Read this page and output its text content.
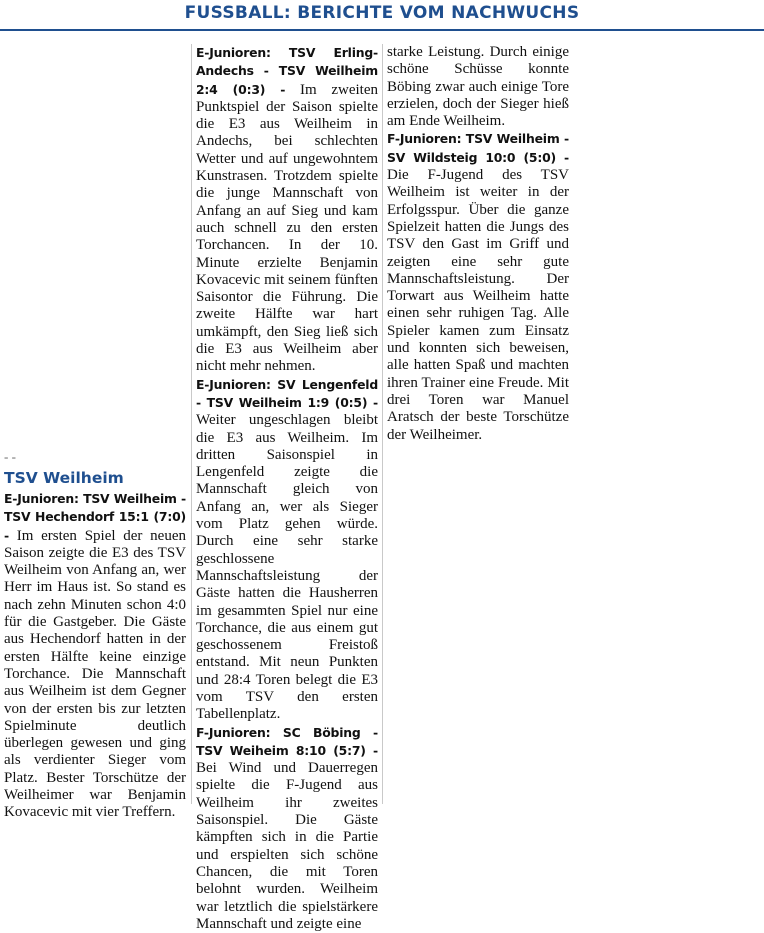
FUSSBALL: BERICHTE VOM NACHWUCHS
- -
TSV Weilheim

E-Junioren: TSV Weilheim - TSV Hechendorf 15:1 (7:0) - Im ersten Spiel der neuen Saison zeigte die E3 des TSV Weilheim von Anfang an, wer Herr im Haus ist. So stand es nach zehn Minuten schon 4:0 für die Gastgeber. Die Gäste aus Hechendorf hatten in der ersten Hälfte keine einzige Torchance. Die Mannschaft aus Weilheim ist dem Gegner von der ersten bis zur letzten Spielminute deutlich überlegen gewesen und ging als verdienter Sieger vom Platz. Bester Torschütze der Weilheimer war Benjamin Kovacevic mit vier Treffern.

E-Junioren: TSV Erling-Andechs - TSV Weilheim 2:4 (0:3) - Im zweiten Punktspiel der Saison spielte die E3 aus Weilheim in Andechs, bei schlechten Wetter und auf ungewohntem Kunstrasen. Trotzdem spielte die junge Mannschaft von Anfang an auf Sieg und kam auch schnell zu den ersten Torchancen. In der 10. Minute erzielte Benjamin Kovacevic mit seinem fünften Saisontor die Führung. Die zweite Hälfte war hart umkämpft, den Sieg ließ sich die E3 aus Weilheim aber nicht mehr nehmen.

E-Junioren: SV Lengenfeld - TSV Weilheim 1:9 (0:5) - Weiter ungeschlagen bleibt die E3 aus Weilheim. Im dritten Saisonspiel in Lengenfeld zeigte die Mannschaft gleich von Anfang an, wer als Sieger vom Platz gehen würde. Durch eine sehr starke geschlossene Mannschaftsleistung der Gäste hatten die Hausherren im gesammten Spiel nur eine Torchance, die aus einem gut geschossenem Freistoß entstand. Mit neun Punkten und 28:4 Toren belegt die E3 vom TSV den ersten Tabellenplatz.

F-Junioren: SC Böbing - TSV Weiheim 8:10 (5:7) - Bei Wind und Dauerregen spielte die F-Jugend aus Weilheim ihr zweites Saisonspiel. Die Gäste kämpften sich in die Partie und erspielten sich schöne Chancen, die mit Toren belohnt wurden. Weilheim war letztlich die spielstärkere Mannschaft und zeigte eine

starke Leistung. Durch einige schöne Schüsse konnte Böbing zwar auch einige Tore erzielen, doch der Sieger hieß am Ende Weilheim.

F-Junioren: TSV Weilheim - SV Wildsteig 10:0 (5:0) - Die F-Jugend des TSV Weilheim ist weiter in der Erfolgsspur. Über die ganze Spielzeit hatten die Jungs des TSV den Gast im Griff und zeigten eine sehr gute Mannschaftsleistung. Der Torwart aus Weilheim hatte einen sehr ruhigen Tag. Alle Spieler kamen zum Einsatz und konnten sich beweisen, alle hatten Spaß und machten ihren Trainer eine Freude. Mit drei Toren war Manuel Aratsch der beste Torschütze der Weilheimer.
